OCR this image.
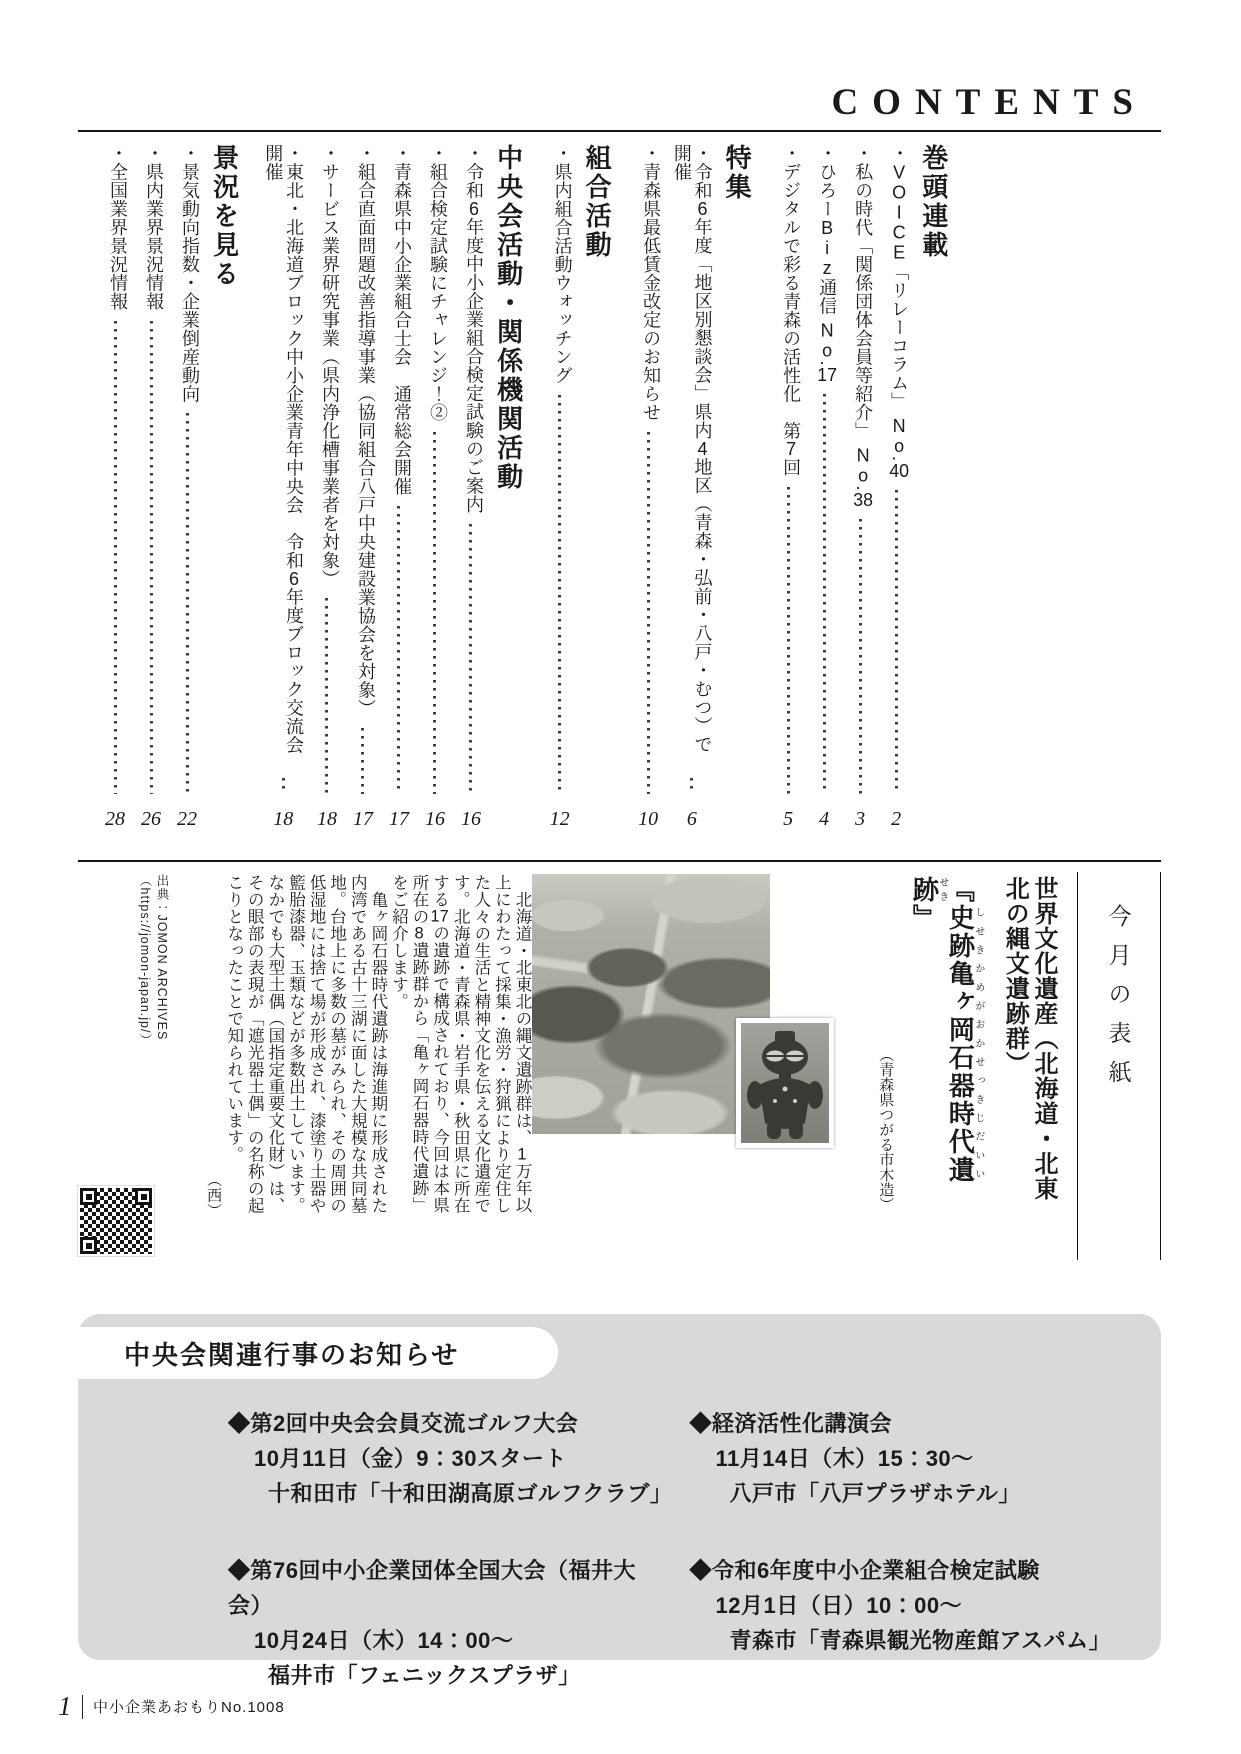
CONTENTS
巻頭連載
・VOICE「リレーコラム」 No.40
2
・私の時代「関係団体会員等紹介」 No.38
3
・ひろーBiz通信 No.17
4
・デジタルで彩る青森の活性化　第7回
5
特集
・令和6年度「地区別懇談会」県内4地区（青森・弘前・八戸・むつ）で開催
6
・青森県最低賃金改定のお知らせ
10
組合活動
・県内組合活動ウォッチング
12
中央会活動・関係機関活動
・令和6年度中小企業組合検定試験のご案内
16
・組合検定試験にチャレンジ！②
16
・青森県中小企業組合士会　通常総会開催
17
・組合直面問題改善指導事業（協同組合八戸中央建設業協会を対象）
17
・サービス業界研究事業（県内浄化槽事業者を対象）
18
・東北・北海道ブロック中小企業青年中央会　令和6年度ブロック交流会開催
18
景況を見る
・景気動向指数・企業倒産動向
22
・県内業界景況情報
26
・全国業界景況情報
28
出典：JOMON ARCHIVES
（https://jomon-japan.jp/）	　北海道・北東北の縄文遺跡群は、1万年以上にわたって採集・漁労・狩猟により定住した人々の生活と精神文化を伝える文化遺産です。北海道・青森県・岩手県・秋田県に所在する17の遺跡で構成されており、今回は本県所在の8遺跡群から「亀ヶ岡石器時代遺跡」をご紹介します。

　亀ヶ岡石器時代遺跡は海進期に形成された内湾である古十三湖に面した大規模な共同墓地。台地上に多数の墓がみられ、その周囲の低湿地には捨て場が形成され、漆塗り土器や籃胎漆器、玉類などが多数出土しています。なかでも大型土偶（国指定重要文化財）は、その眼部の表現が「遮光器土偶」の名称の起こりとなったことで知られています。

（西）	世界文化遺産（北海道・北東北の縄文遺跡群）
『史跡しせき亀ヶ岡石器時代遺跡かめがおかせっきじだいいせき』
（青森県つがる市木造）
今月の表紙
中央会関連行事のお知らせ
◆第2回中央会会員交流ゴルフ大会
10月11日（金）9：30スタート
十和田市「十和田湖高原ゴルフクラブ」
◆経済活性化講演会
11月14日（木）15：30～
八戸市「八戸プラザホテル」
◆第76回中小企業団体全国大会（福井大会）
10月24日（木）14：00～
福井市「フェニックスプラザ」
◆令和6年度中小企業組合検定試験
12月1日（日）10：00～
青森市「青森県観光物産館アスパム」
1 中小企業あおもりNo.1008
